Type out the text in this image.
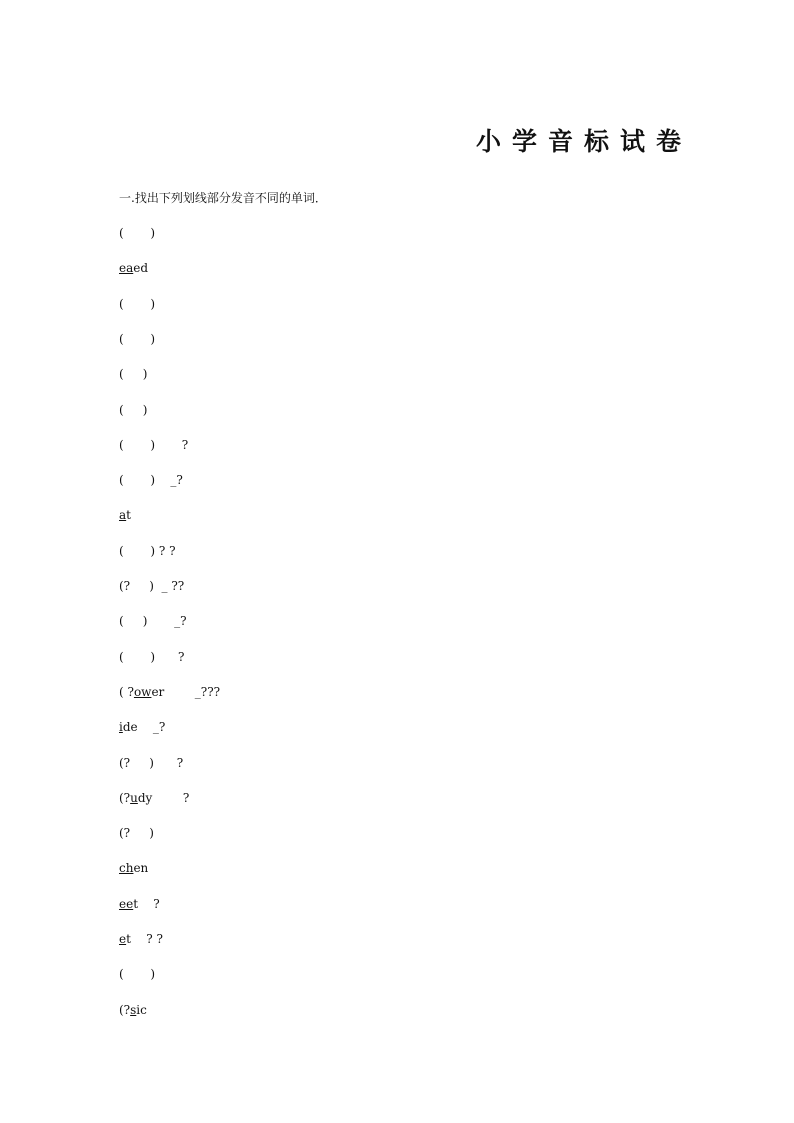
小学音标试卷
一.找出下列划线部分发音不同的单词．
(       )
eaed
(       )
(       )
(     )
(     )
(       )       ?
(       )    _?
at
(       ) ? ?
(?     )  _ ??
(     )       _?
(       )      ?
( ?ower        _???
ide    _?
(?     )      ?
(?udy        ?
(?     )
chen
eet    ?
et    ? ?
(       )
(?sic
